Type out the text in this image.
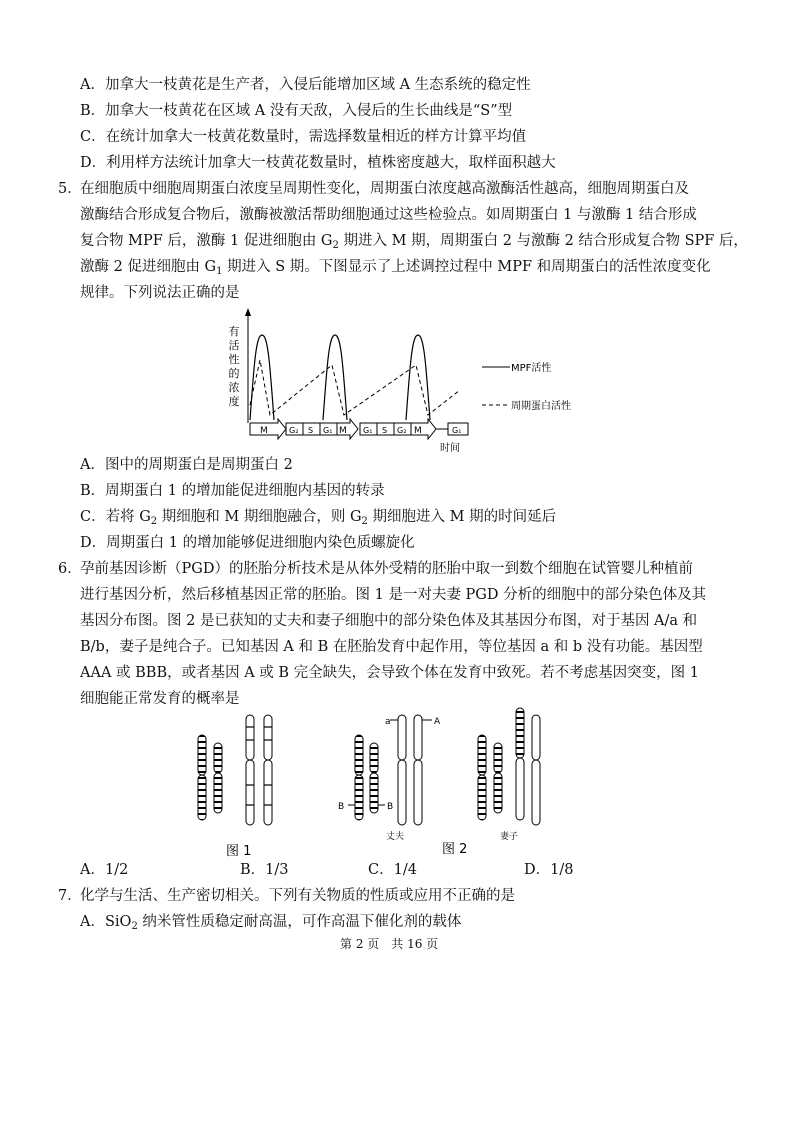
A．加拿大一枝黄花是生产者，入侵后能增加区域 A 生态系统的稳定性
B．加拿大一枝黄花在区域 A 没有天敌，入侵后的生长曲线是“S”型
C．在统计加拿大一枝黄花数量时，需选择数量相近的样方计算平均值
D．利用样方法统计加拿大一枝黄花数量时，植株密度越大，取样面积越大
5．
在细胞质中细胞周期蛋白浓度呈周期性变化，周期蛋白浓度越高激酶活性越高，细胞周期蛋白及
激酶结合形成复合物后，激酶被激活帮助细胞通过这些检验点。如周期蛋白 1 与激酶 1 结合形成
复合物 MPF 后，激酶 1 促进细胞由 $G_2$ 期进入 M 期，周期蛋白 2 与激酶 2 结合形成复合物 SPF 后，
激酶 2 促进细胞由 $G_1$ 期进入 S 期。下图显示了上述调控过程中 MPF 和周期蛋白的活性浓度变化
规律。下列说法正确的是
有
活
性
的
浓
度
MPF活性
周期蛋白活性
M	G₂ S G₁ M G₁ S G₂ M	G₁
时间
A．图中的周期蛋白是周期蛋白 2
B．周期蛋白 1 的增加能促进细胞内基因的转录
C．若将 $G_2$ 期细胞和 M 期细胞融合，则 $G_2$ 期细胞进入 M 期的时间延后
D．周期蛋白 1 的增加能够促进细胞内染色质螺旋化
6．
孕前基因诊断（PGD）的胚胎分析技术是从体外受精的胚胎中取一到数个细胞在试管婴儿种植前
进行基因分析，然后移植基因正常的胚胎。图 1 是一对夫妻 PGD 分析的细胞中的部分染色体及其
基因分布图。图 2 是已获知的丈夫和妻子细胞中的部分染色体及其基因分布图，对于基因 A/a 和
B/b，妻子是纯合子。已知基因 A 和 B 在胚胎发育中起作用，等位基因 a 和 b 没有功能。基因型
AAA 或 BBB，或者基因 A 或 B 完全缺失，会导致个体在发育中致死。若不考虑基因突变，图 1
细胞能正常发育的概率是
a	A
B	B
丈夫	妻子
图 1	图 2
A．1/2	B．1/3	C．1/4	D．1/8
7．
化学与生活、生产密切相关。下列有关物质的性质或应用不正确的是
A．SiO$_2$ 纳米管性质稳定耐高温，可作高温下催化剂的载体
第 2 页　共 16 页
